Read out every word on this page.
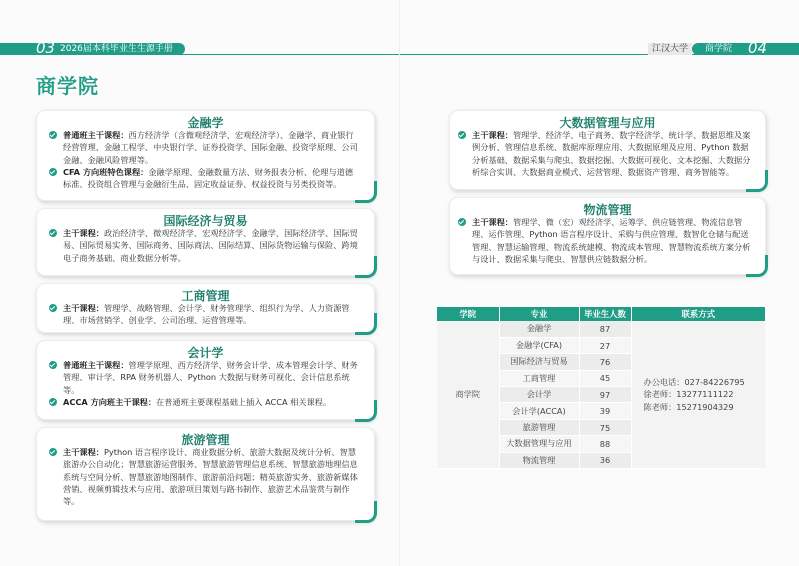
03 2026届本科毕业生生源手册	江汉大学	商学院 04
商学院
金融学
普通班主干课程：西方经济学（含微观经济学、宏观经济学）、金融学、商业银行经营管理、金融工程学、中央银行学、证券投资学、国际金融、投资学原理、公司金融、金融风险管理等。
CFA 方向班特色课程：金融学原理、金融数量方法、财务报表分析、伦理与道德标准、投资组合管理与金融衍生品、固定收益证券、权益投资与另类投资等。
国际经济与贸易
主干课程：政治经济学、微观经济学、宏观经济学、金融学、国际经济学、国际贸易、国际贸易实务、国际商务、国际商法、国际结算、国际货物运输与保险、跨境电子商务基础、商业数据分析等。
工商管理
主干课程：管理学、战略管理、会计学、财务管理学、组织行为学、人力资源管理、市场营销学、创业学、公司治理、运营管理等。
会计学
普通班主干课程：管理学原理、西方经济学、财务会计学、成本管理会计学、财务管理、审计学、RPA 财务机器人、Python 大数据与财务可视化、会计信息系统等。
ACCA 方向班主干课程：在普通班主要课程基础上插入 ACCA 相关课程。
旅游管理
主干课程：Python 语言程序设计、商业数据分析、旅游大数据及统计分析、智慧旅游办公自动化；智慧旅游运营服务、智慧旅游管理信息系统、智慧旅游地理信息系统与空间分析、智慧旅游地图制作、旅游前沿问题；精英旅游实务、旅游新媒体营销、视频剪辑技术与应用、旅游项目策划与路书制作、旅游艺术品鉴赏与制作等。
大数据管理与应用
主干课程：管理学、经济学、电子商务、数字经济学、统计学、数据思维及案例分析、管理信息系统、数据库原理应用、大数据原理及应用、Python 数据分析基础、数据采集与爬虫、数据挖掘、大数据可视化、文本挖掘、大数据分析综合实训、大数据商业模式、运营管理、数据资产管理、商务智能等。
物流管理
主干课程：管理学、微（宏）观经济学、运筹学、供应链管理、物流信息管理、运作管理、Python 语言程序设计、采购与供应管理、数智化仓储与配送管理、智慧运输管理、物流系统建模、物流成本管理、智慧物流系统方案分析与设计、数据采集与爬虫、智慧供应链数据分析。
学院	专业	毕业生人数	联系方式
商学院	金融学	87	办公电话：027-84226795
徐老师：13277111122
陈老师：15271904329

	金融学(CFA)	27	
	国际经济与贸易	76	
	工商管理	45	
	会计学	97	
	会计学(ACCA)	39	
	旅游管理	75	
	大数据管理与应用	88	
	物流管理	36	
